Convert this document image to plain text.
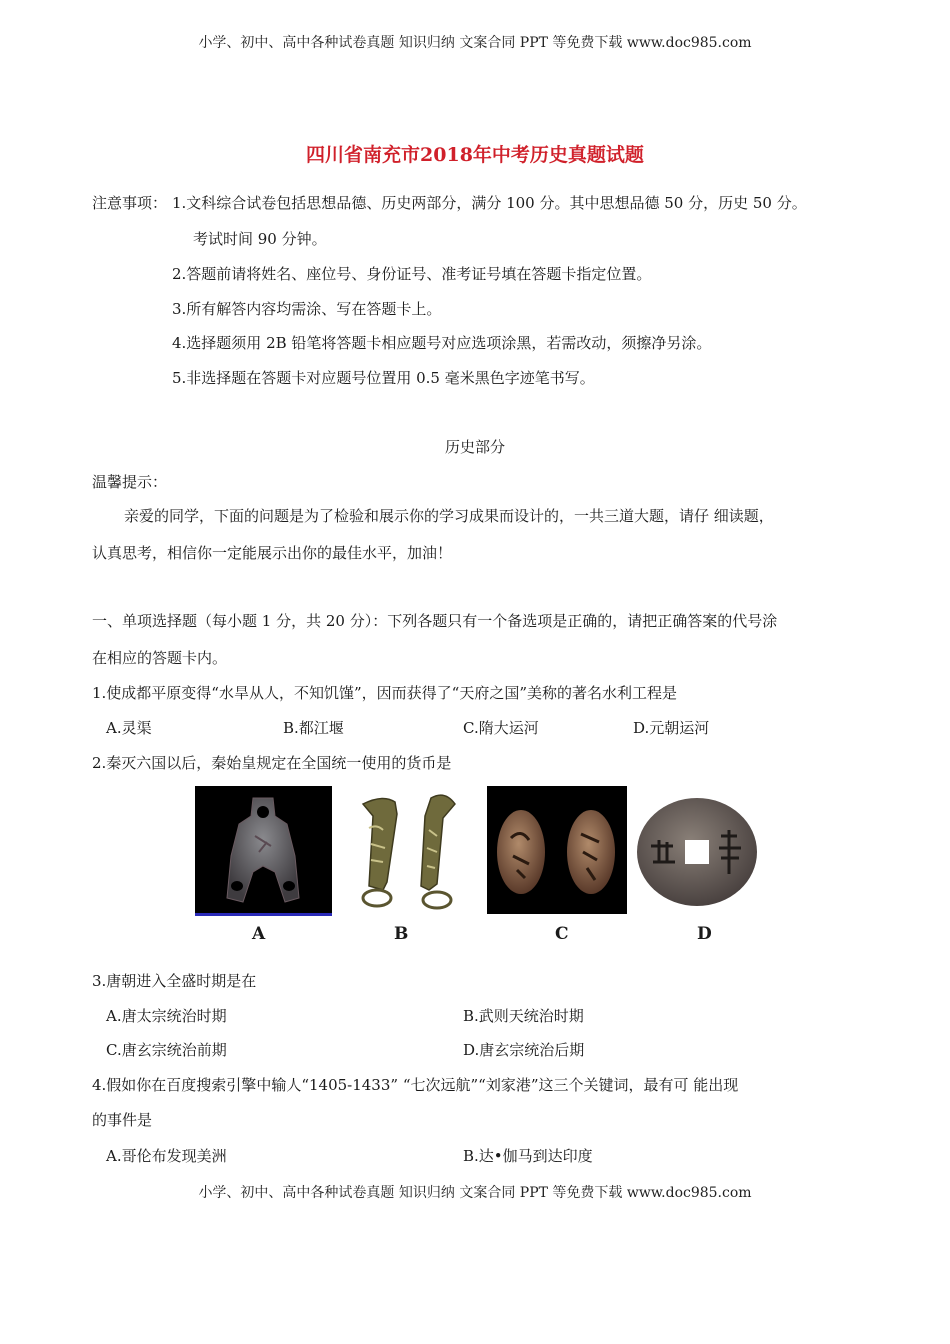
小学、初中、高中各种试卷真题 知识归纳 文案合同 PPT 等免费下载 www.doc985.com
四川省南充市2018年中考历史真题试题
注意事项： 1.文科综合试卷包括思想品德、历史两部分，满分 100 分。其中思想品德 50 分，历史 50 分。
考试时间 90 分钟。
2.答题前请将姓名、座位号、身份证号、准考证号填在答题卡指定位置。
3.所有解答内容均需涂、写在答题卡上。
4.选择题须用 2B 铅笔将答题卡相应题号对应选项涂黑，若需改动，须擦净另涂。
5.非选择题在答题卡对应题号位置用 0.5 毫米黑色字迹笔书写。
历史部分
温馨提示：
亲爱的同学，下面的问题是为了检验和展示你的学习成果而设计的，一共三道大题，请仔 细读题，
认真思考，相信你一定能展示出你的最佳水平，加油！
一、单项选择题（每小题 1 分，共 20 分）：下列各题只有一个备选项是正确的，请把正确答案的代号涂
在相应的答题卡内。
1.使成都平原变得“水旱从人，不知饥馑”，因而获得了“天府之国”美称的著名水利工程是
A.灵渠	B.都江堰	C.隋大运河	D.元朝运河
2.秦灭六国以后，秦始皇规定在全国统一使用的货币是
A	B	C	D
3.唐朝进入全盛时期是在
A.唐太宗统治时期	B.武则天统治时期
C.唐玄宗统治前期	D.唐玄宗统治后期
4.假如你在百度搜索引擎中输人“1405-1433” “七次远航”“刘家港”这三个关键词，最有可 能出现
的事件是
A.哥伦布发现美洲	B.达•伽马到达印度
小学、初中、高中各种试卷真题 知识归纳 文案合同 PPT 等免费下载 www.doc985.com
